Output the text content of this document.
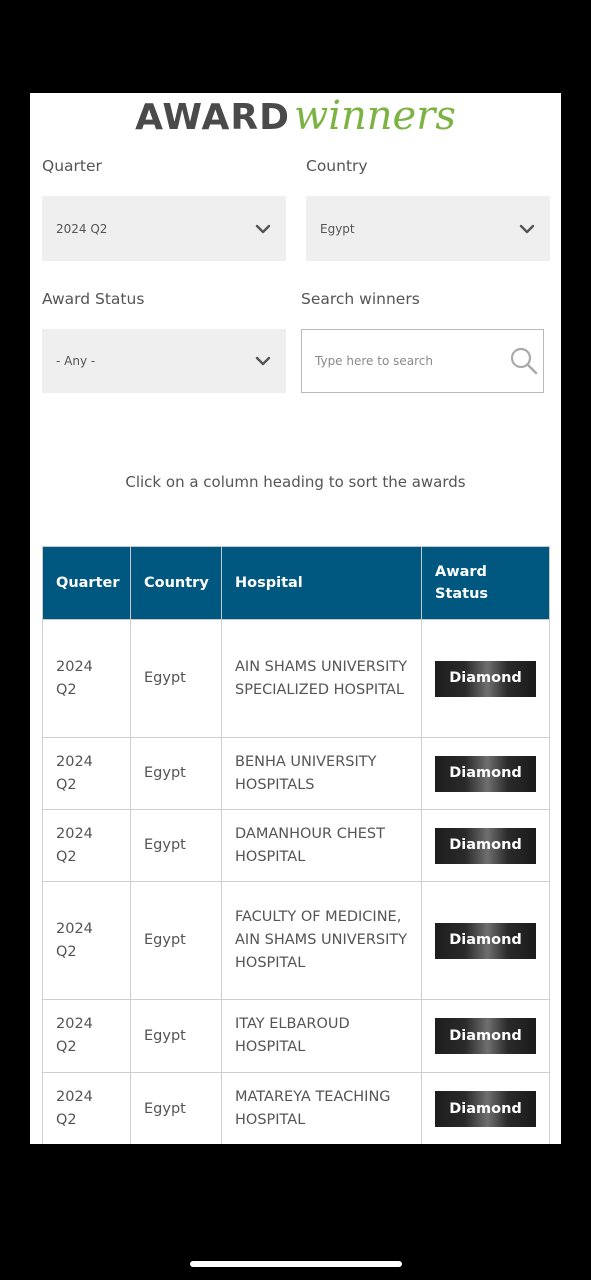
AWARD winners
Quarter
2024 Q2
Country
Egypt
Award Status
- Any -
Search winners
Type here to search
Click on a column heading to sort the awards
Quarter	Country	Hospital	Award Status
2024 Q2	Egypt	AIN SHAMS UNIVERSITY SPECIALIZED HOSPITAL	Diamond

2024 Q2	Egypt	BENHA UNIVERSITY HOSPITALS	Diamond

2024 Q2	Egypt	DAMANHOUR CHEST HOSPITAL	Diamond

2024 Q2	Egypt	FACULTY OF MEDICINE, AIN SHAMS UNIVERSITY HOSPITAL	Diamond

2024 Q2	Egypt	ITAY ELBAROUD HOSPITAL	Diamond

2024 Q2	Egypt	MATAREYA TEACHING HOSPITAL	Diamond
